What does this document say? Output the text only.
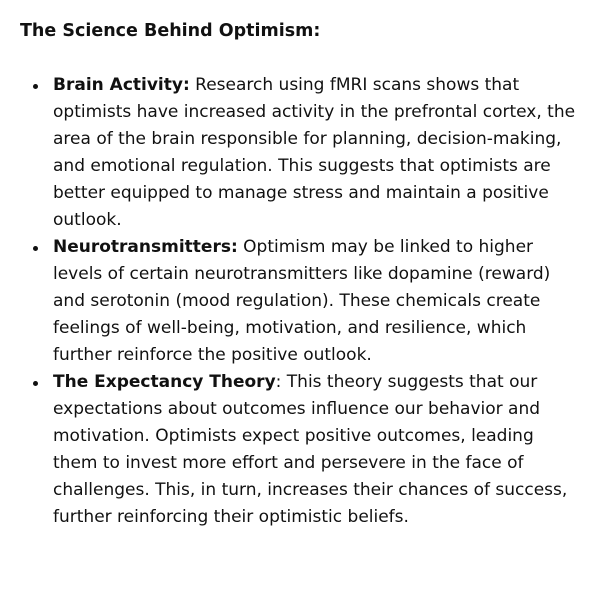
The Science Behind Optimism:
Brain Activity: Research using fMRI scans shows that optimists have increased activity in the prefrontal cortex, the area of the brain responsible for planning, decision-making, and emotional regulation. This suggests that optimists are better equipped to manage stress and maintain a positive outlook.
Neurotransmitters: Optimism may be linked to higher levels of certain neurotransmitters like dopamine (reward) and serotonin (mood regulation). These chemicals create feelings of well-being, motivation, and resilience, which further reinforce the positive outlook.
The Expectancy Theory: This theory suggests that our expectations about outcomes influence our behavior and motivation. Optimists expect positive outcomes, leading them to invest more effort and persevere in the face of challenges. This, in turn, increases their chances of success, further reinforcing their optimistic beliefs.
